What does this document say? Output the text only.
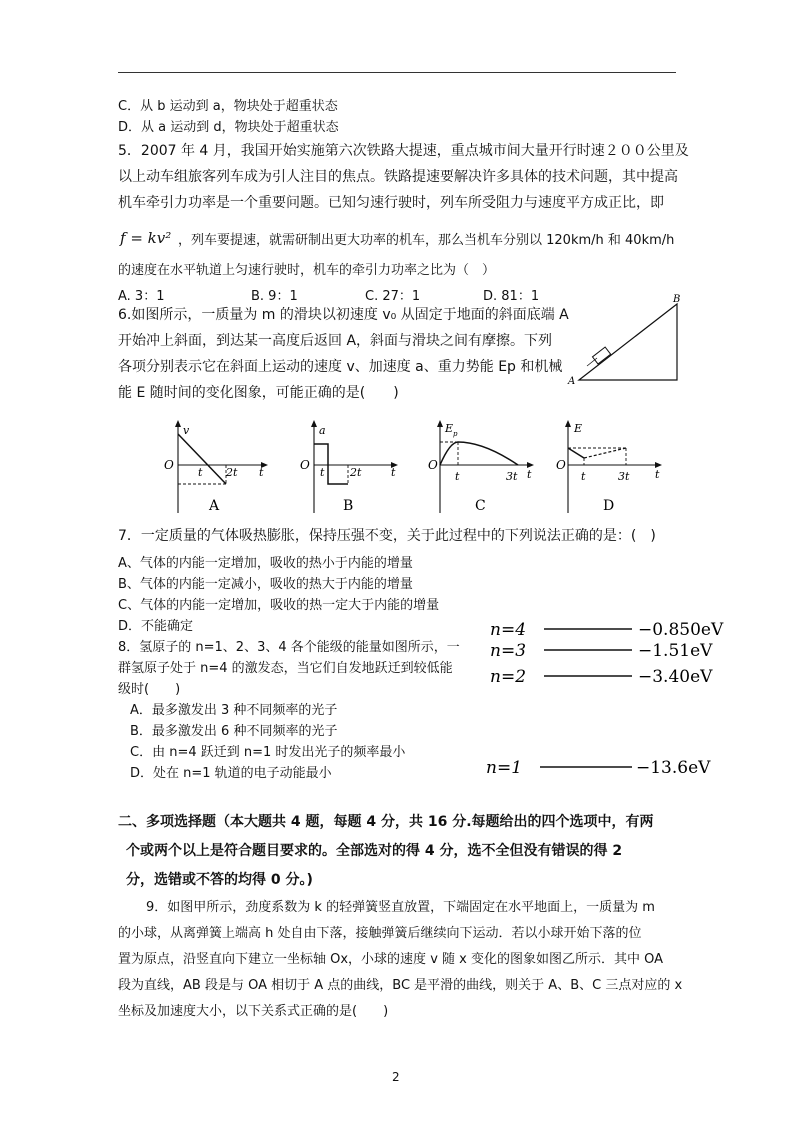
C．从 b 运动到 a，物块处于超重状态
D．从 a 运动到 d，物块处于超重状态
5．2007 年 4 月，我国开始实施第六次铁路大提速，重点城市间大量开行时速２００公里及
以上动车组旅客列车成为引人注目的焦点。铁路提速要解决许多具体的技术问题，其中提高
机车牵引力功率是一个重要问题。已知匀速行驶时，列车所受阻力与速度平方成正比，即
f = kv² ，列车要提速，就需研制出更大功率的机车，那么当机车分别以 120km/h 和 40km/h
的速度在水平轨道上匀速行驶时，机车的牵引力功率之比为（　）
A. 3：1	B. 9：1	C. 27：1	D. 81：1
6.如图所示，一质量为 m 的滑块以初速度 v₀ 从固定于地面的斜面底端 A
开始冲上斜面，到达某一高度后返回 A，斜面与滑块之间有摩擦。下列
各项分别表示它在斜面上运动的速度 v、加速度 a、重力势能 Ep 和机械
能 E 随时间的变化图象，可能正确的是(　　)
A
B
v
O
t 2t t
A
a
O
t 2t	t
B
E p
O
t	3t t
C
E
O
t	3t t
D
7．一定质量的气体吸热膨胀，保持压强不变，关于此过程中的下列说法正确的是：(　)
A、气体的内能一定增加，吸收的热小于内能的增量
B、气体的内能一定减小，吸收的热大于内能的增量
C、气体的内能一定增加，吸收的热一定大于内能的增量
D．不能确定
8．氢原子的 n=1、2、3、4 各个能级的能量如图所示，一
群氢原子处于 n=4 的激发态，当它们自发地跃迁到较低能
级时(　　)
A．最多激发出 3 种不同频率的光子
B．最多激发出 6 种不同频率的光子
C．由 n=4 跃迁到 n=1 时发出光子的频率最小
D．处在 n=1 轨道的电子动能最小
n=4	−0.850eV
n=3	−1.51eV
n=2	−3.40eV
n=1	−13.6eV
二、多项选择题（本大题共 4 题，每题 4 分，共 16 分.每题给出的四个选项中，有两
个或两个以上是符合题目要求的。全部选对的得 4 分，选不全但没有错误的得 2
分，选错或不答的均得 0 分。)
9．如图甲所示，劲度系数为 k 的轻弹簧竖直放置，下端固定在水平地面上，一质量为 m
的小球，从离弹簧上端高 h 处自由下落，接触弹簧后继续向下运动．若以小球开始下落的位
置为原点，沿竖直向下建立一坐标轴 Ox，小球的速度 v 随 x 变化的图象如图乙所示．其中 OA
段为直线，AB 段是与 OA 相切于 A 点的曲线，BC 是平滑的曲线，则关于 A、B、C 三点对应的 x
坐标及加速度大小，以下关系式正确的是(　　)
2
